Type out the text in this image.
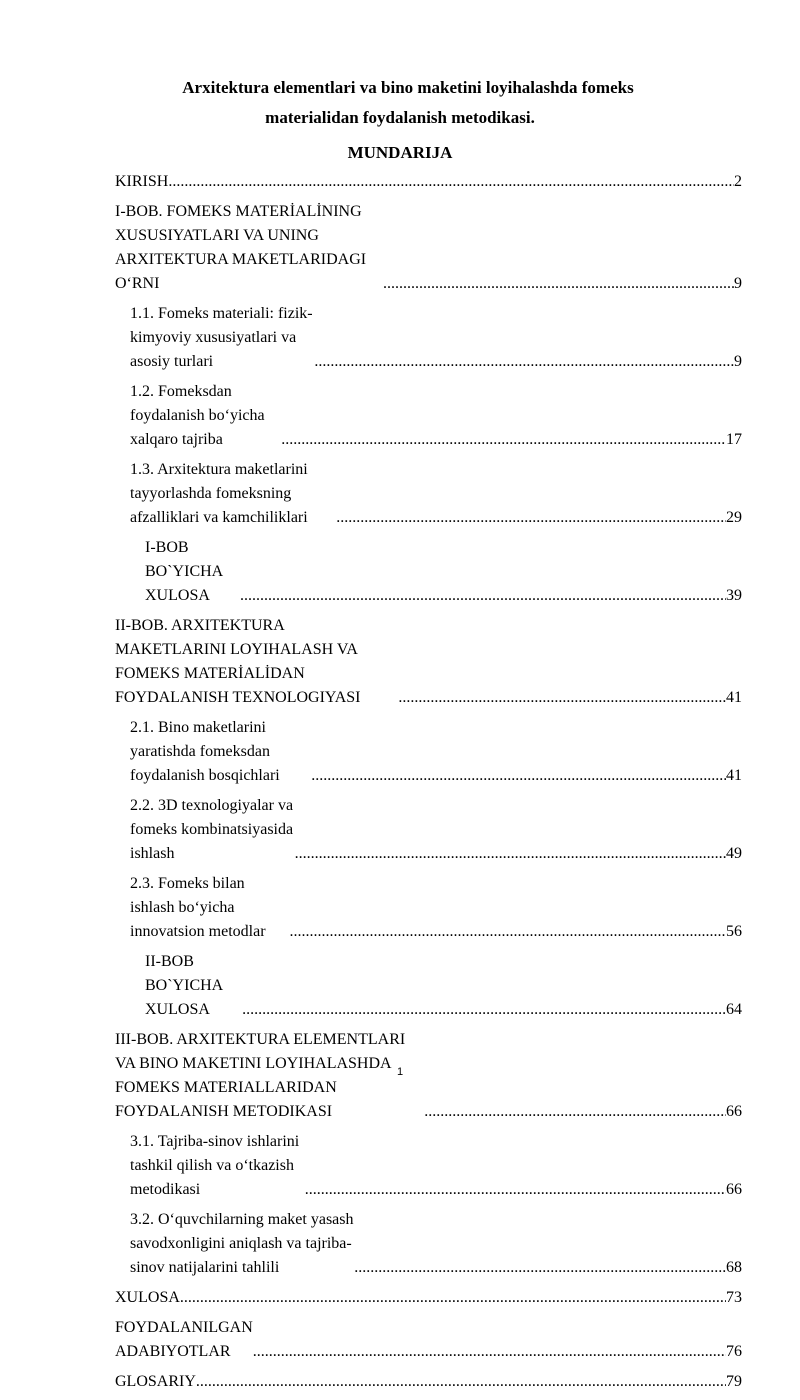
Arxitektura elementlari va bino maketini loyihalashda fomeks
materialidan foydalanish metodikasi.
MUNDARIJA
KIRISH .....	2
I-BOB. FOMEKS MATERİALİNING XUSUSIYATLARI VA UNING ARXITEKTURA MAKETLARIDAGI O‘RNI .....	9
1.1. Fomeks materiali: fizik-kimyoviy xususiyatlari va asosiy turlari .....	9
1.2. Fomeksdan foydalanish bo‘yicha xalqaro tajriba .....	17
1.3. Arxitektura maketlarini tayyorlashda fomeksning afzalliklari va kamchiliklari .....	29
I-BOB BO`YICHA XULOSA .....	39
II-BOB. ARXITEKTURA MAKETLARINI LOYIHALASH VA FOMEKS MATERİALİDAN FOYDALANISH TEXNOLOGIYASI .....	41
2.1. Bino maketlarini yaratishda fomeksdan foydalanish bosqichlari .....	41
2.2. 3D texnologiyalar va fomeks kombinatsiyasida ishlash .....	49
2.3. Fomeks bilan ishlash bo‘yicha innovatsion metodlar .....	56
II-BOB BO`YICHA XULOSA .....	64
III-BOB. ARXITEKTURA ELEMENTLARI VA BINO MAKETINI LOYIHALASHDA FOMEKS MATERIALLARIDAN FOYDALANISH METODIKASI .....	66
3.1. Tajriba-sinov ishlarini tashkil qilish va o‘tkazish metodikasi .....	66
3.2. O‘quvchilarning maket yasash savodxonligini aniqlash va tajriba-sinov natijalarini tahlili .....	68
XULOSA .....	73
FOYDALANILGAN ADABIYOTLAR .....	76
GLOSARIY .....	79
1
